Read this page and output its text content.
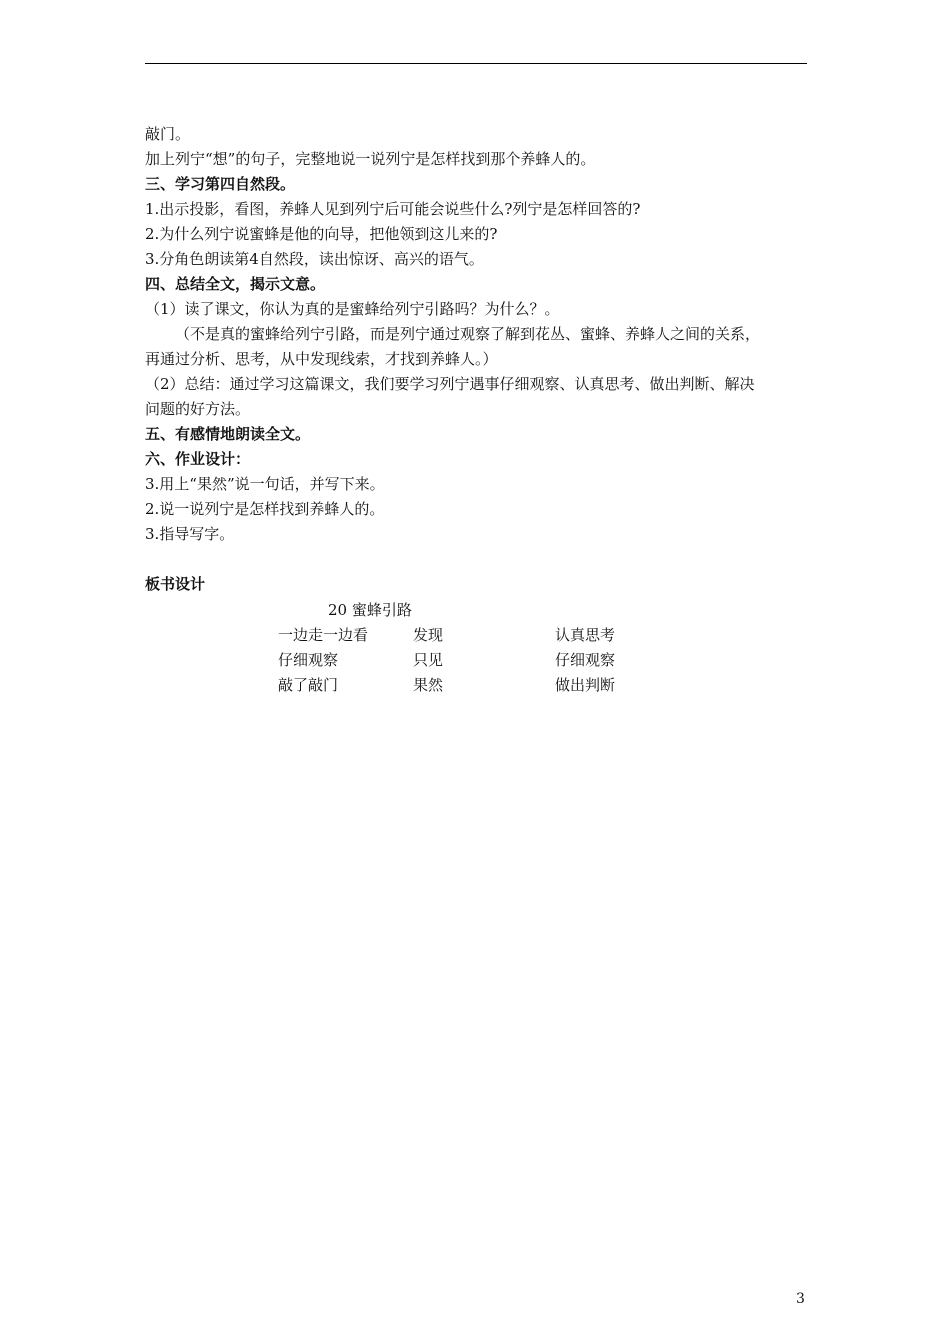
敲门。
加上列宁“想”的句子，完整地说一说列宁是怎样找到那个养蜂人的。
三、学习第四自然段。
1.出示投影，看图，养蜂人见到列宁后可能会说些什么?列宁是怎样回答的?
2.为什么列宁说蜜蜂是他的向导，把他领到这儿来的?
3.分角色朗读第4自然段，读出惊讶、高兴的语气。
四、总结全文，揭示文意。
（1）读了课文，你认为真的是蜜蜂给列宁引路吗？为什么？。
（不是真的蜜蜂给列宁引路，而是列宁通过观察了解到花丛、蜜蜂、养蜂人之间的关系，
再通过分析、思考，从中发现线索，才找到养蜂人。）
（2）总结：通过学习这篇课文，我们要学习列宁遇事仔细观察、认真思考、做出判断、解决
问题的好方法。
五、有感情地朗读全文。
六、作业设计：
3.用上“果然”说一句话，并写下来。
2.说一说列宁是怎样找到养蜂人的。
3.指导写字。
板书设计
20 蜜蜂引路
一边走一边看	发现	认真思考
仔细观察	只见	仔细观察
敲了敲门	果然	做出判断
3
